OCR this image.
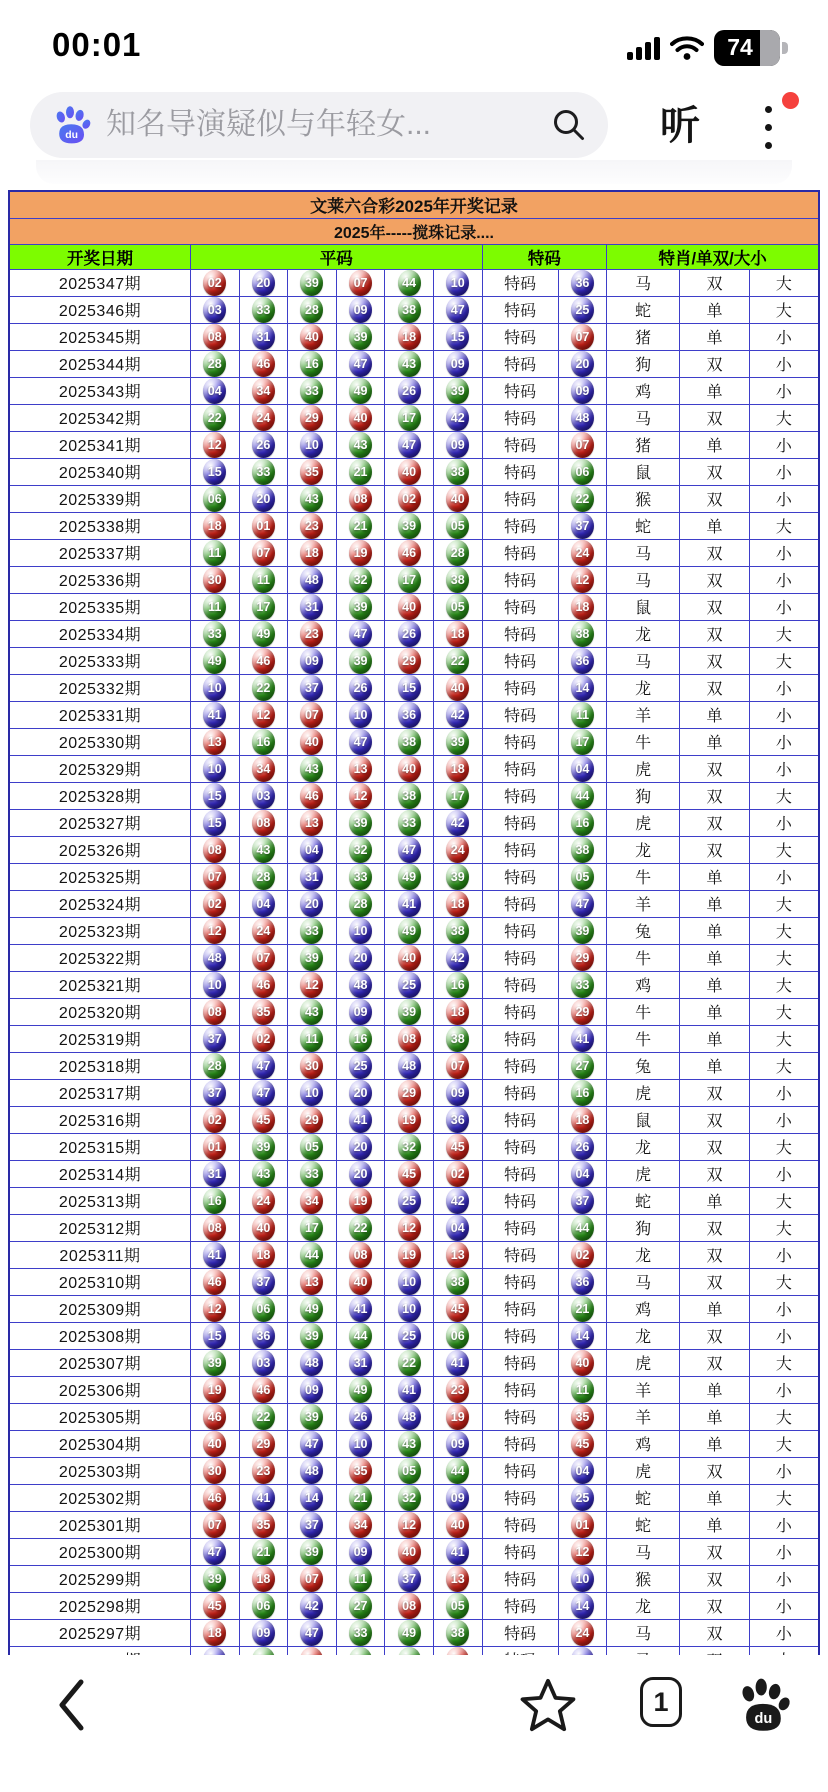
00:01	74
du
知名导演疑似与年轻女...	听
文莱六合彩2025年开奖记录											
2025年-----搅珠记录....											
开奖日期	平码						特码		特肖/单双/大小		
2025347期	02	20	39	07	44	10	特码	36	马	双	大
2025346期	03	33	28	09	38	47	特码	25	蛇	单	大
2025345期	08	31	40	39	18	15	特码	07	猪	单	小
2025344期	28	46	16	47	43	09	特码	20	狗	双	小
2025343期	04	34	33	49	26	39	特码	09	鸡	单	小
2025342期	22	24	29	40	17	42	特码	48	马	双	大
2025341期	12	26	10	43	47	09	特码	07	猪	单	小
2025340期	15	33	35	21	40	38	特码	06	鼠	双	小
2025339期	06	20	43	08	02	40	特码	22	猴	双	小
2025338期	18	01	23	21	39	05	特码	37	蛇	单	大
2025337期	11	07	18	19	46	28	特码	24	马	双	小
2025336期	30	11	48	32	17	38	特码	12	马	双	小
2025335期	11	17	31	39	40	05	特码	18	鼠	双	小
2025334期	33	49	23	47	26	18	特码	38	龙	双	大
2025333期	49	46	09	39	29	22	特码	36	马	双	大
2025332期	10	22	37	26	15	40	特码	14	龙	双	小
2025331期	41	12	07	10	36	42	特码	11	羊	单	小
2025330期	13	16	40	47	38	39	特码	17	牛	单	小
2025329期	10	34	43	13	40	18	特码	04	虎	双	小
2025328期	15	03	46	12	38	17	特码	44	狗	双	大
2025327期	15	08	13	39	33	42	特码	16	虎	双	小
2025326期	08	43	04	32	47	24	特码	38	龙	双	大
2025325期	07	28	31	33	49	39	特码	05	牛	单	小
2025324期	02	04	20	28	41	18	特码	47	羊	单	大
2025323期	12	24	33	10	49	38	特码	39	兔	单	大
2025322期	48	07	39	20	40	42	特码	29	牛	单	大
2025321期	10	46	12	48	25	16	特码	33	鸡	单	大
2025320期	08	35	43	09	39	18	特码	29	牛	单	大
2025319期	37	02	11	16	08	38	特码	41	牛	单	大
2025318期	28	47	30	25	48	07	特码	27	兔	单	大
2025317期	37	47	10	20	29	09	特码	16	虎	双	小
2025316期	02	45	29	41	19	36	特码	18	鼠	双	小
2025315期	01	39	05	20	32	45	特码	26	龙	双	大
2025314期	31	43	33	20	45	02	特码	04	虎	双	小
2025313期	16	24	34	19	25	42	特码	37	蛇	单	大
2025312期	08	40	17	22	12	04	特码	44	狗	双	大
2025311期	41	18	44	08	19	13	特码	02	龙	双	小
2025310期	46	37	13	40	10	38	特码	36	马	双	大
2025309期	12	06	49	41	10	45	特码	21	鸡	单	小
2025308期	15	36	39	44	25	06	特码	14	龙	双	小
2025307期	39	03	48	31	22	41	特码	40	虎	双	大
2025306期	19	46	09	49	41	23	特码	11	羊	单	小
2025305期	46	22	39	26	48	19	特码	35	羊	单	大
2025304期	40	29	47	10	43	09	特码	45	鸡	单	大
2025303期	30	23	48	35	05	44	特码	04	虎	双	小
2025302期	46	41	14	21	32	09	特码	25	蛇	单	大
2025301期	07	35	37	34	12	40	特码	01	蛇	单	小
2025300期	47	21	39	09	40	41	特码	12	马	双	小
2025299期	39	18	07	11	37	13	特码	10	猴	双	小
2025298期	45	06	42	27	08	05	特码	14	龙	双	小
2025297期	18	09	47	33	49	38	特码	24	马	双	小

1
du
